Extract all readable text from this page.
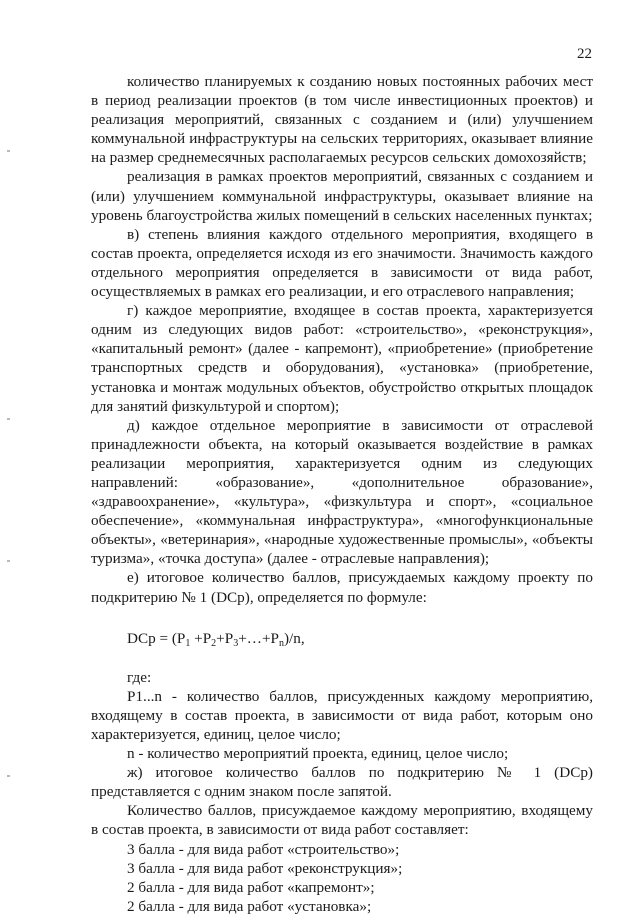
22

количество планируемых к созданию новых постоянных рабочих мест в период реализации проектов (в том числе инвестиционных проектов) и реализация мероприятий, связанных с созданием и (или) улучшением коммунальной инфраструктуры на сельских территориях, оказывает влияние на размер среднемесячных располагаемых ресурсов сельских домохозяйств;

реализация в рамках проектов мероприятий, связанных с созданием и (или) улучшением коммунальной инфраструктуры, оказывает влияние на уровень благоустройства жилых помещений в сельских населенных пунктах;

в) степень влияния каждого отдельного мероприятия, входящего в состав проекта, определяется исходя из его значимости. Значимость каждого отдельного мероприятия определяется в зависимости от вида работ, осуществляемых в рамках его реализации, и его отраслевого направления;

г) каждое мероприятие, входящее в состав проекта, характеризуется одним из следующих видов работ: «строительство», «реконструкция», «капитальный ремонт» (далее - капремонт), «приобретение» (приобретение транспортных средств и оборудования), «установка» (приобретение, установка и монтаж модульных объектов, обустройство открытых площадок для занятий физкультурой и спортом);

д) каждое отдельное мероприятие в зависимости от отраслевой принадлежности объекта, на который оказывается воздействие в рамках реализации мероприятия, характеризуется одним из следующих направлений: «образование», «дополнительное образование», «здравоохранение», «культура», «физкультура и спорт», «социальное обеспечение», «коммунальная инфраструктура», «многофункциональные объекты», «ветеринария», «народные художественные промыслы», «объекты туризма», «точка доступа» (далее - отраслевые направления);

е) итоговое количество баллов, присуждаемых каждому проекту по подкритерию № 1 (DCp), определяется по формуле:

DCp = ($P_1$ $+P_2+P_3+\dots+P_n)/n$,

где:

P1...n - количество баллов, присужденных каждому мероприятию, входящему в состав проекта, в зависимости от вида работ, которым оно характеризуется, единиц, целое число;

n - количество мероприятий проекта, единиц, целое число;

ж) итоговое количество баллов по подкритерию № 1 (DCp) представляется с одним знаком после запятой.

Количество баллов, присуждаемое каждому мероприятию, входящему в состав проекта, в зависимости от вида работ составляет:

3 балла - для вида работ «строительство»;

3 балла - для вида работ «реконструкция»;

2 балла - для вида работ «капремонт»;

2 балла - для вида работ «установка»;
